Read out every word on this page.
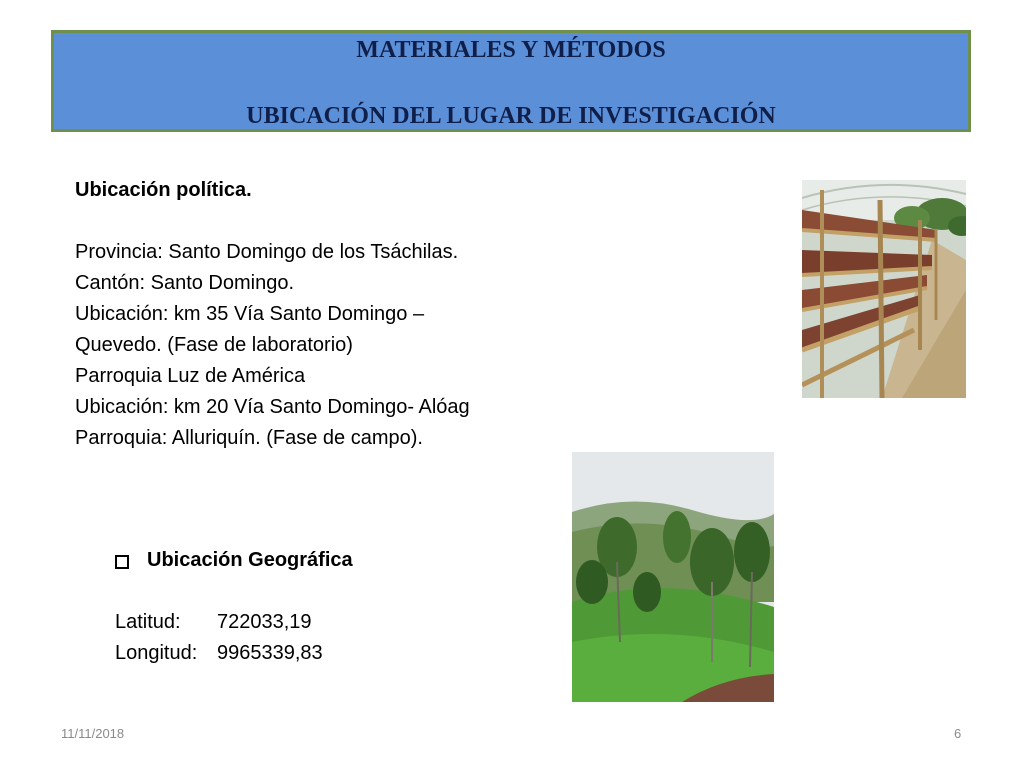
MATERIALES Y MÉTODOS
UBICACIÓN DEL LUGAR DE INVESTIGACIÓN
Ubicación política.
Provincia: Santo Domingo de los Tsáchilas.
Cantón: Santo Domingo.
Ubicación: km 35 Vía Santo Domingo –
Quevedo. (Fase de laboratorio)
Parroquia Luz de América
Ubicación: km 20 Vía Santo Domingo- Alóag
Parroquia: Alluriquín. (Fase de campo).
Ubicación Geográfica
Latitud:	722033,19
Longitud: 9965339,83
11/11/2018	6
